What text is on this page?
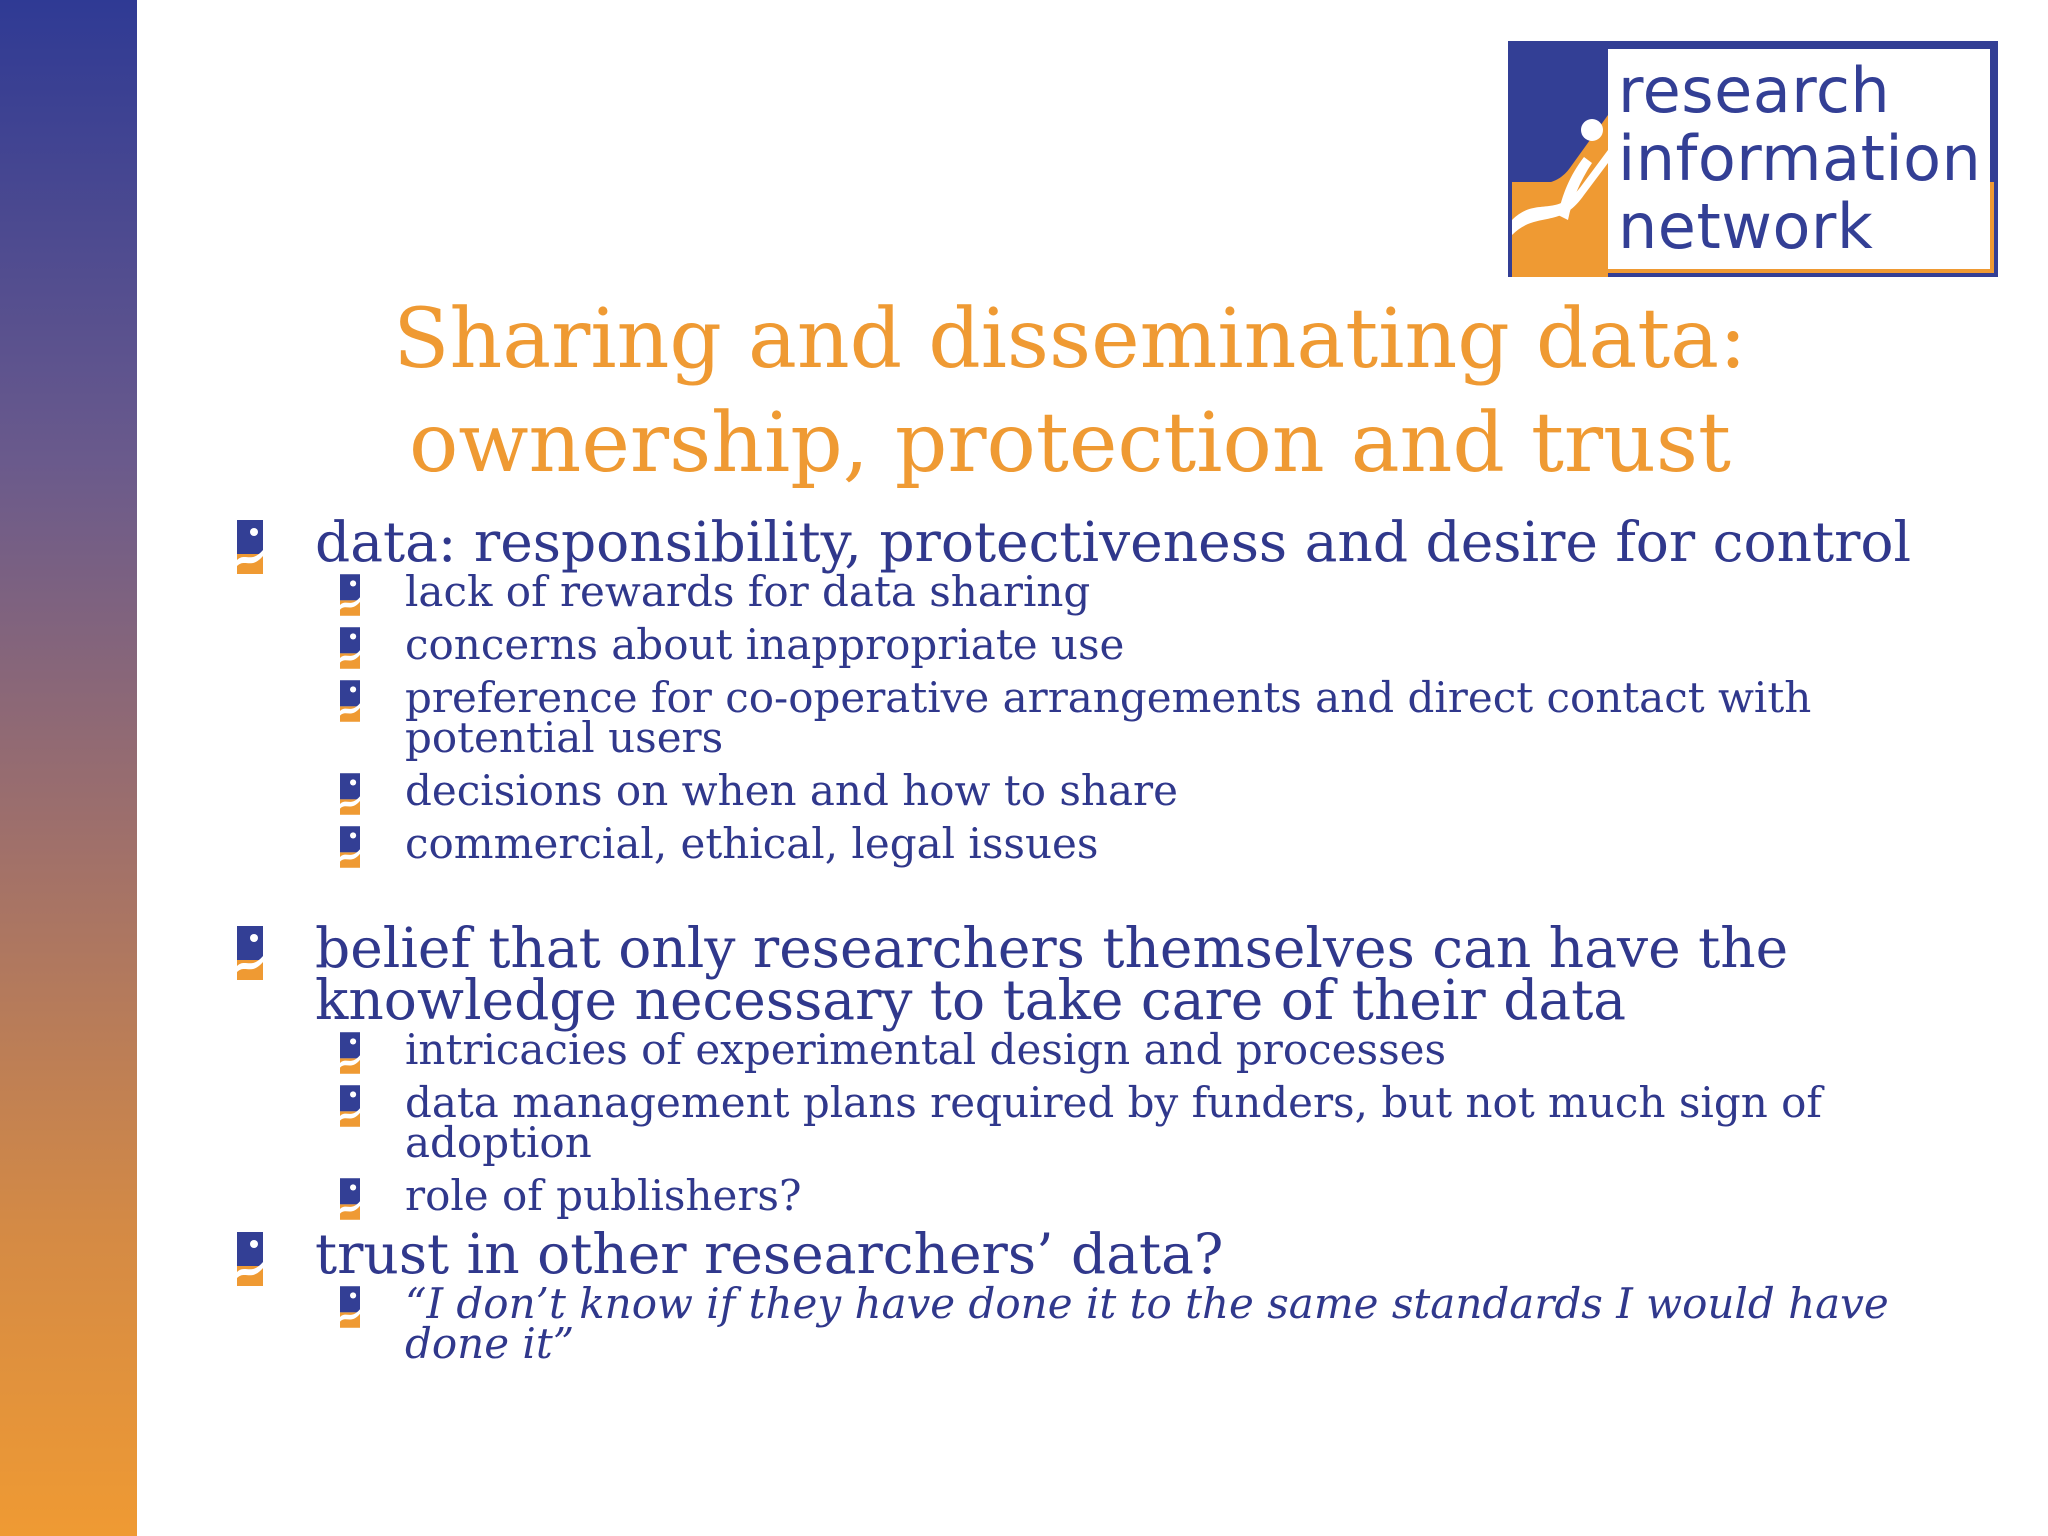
research
information
network
Sharing and disseminating data:
ownership, protection and trust
data: responsibility, protectiveness and desire for control
lack of rewards for data sharing
concerns about inappropriate use
preference for co-operative arrangements and direct contact with potential users
decisions on when and how to share
commercial, ethical, legal issues
belief that only researchers themselves can have the knowledge necessary to take care of their data
intricacies of experimental design and processes
data management plans required by funders, but not much sign of adoption
role of publishers?
trust in other researchers’ data?
“I don’t know if they have done it to the same standards I would have done it”
